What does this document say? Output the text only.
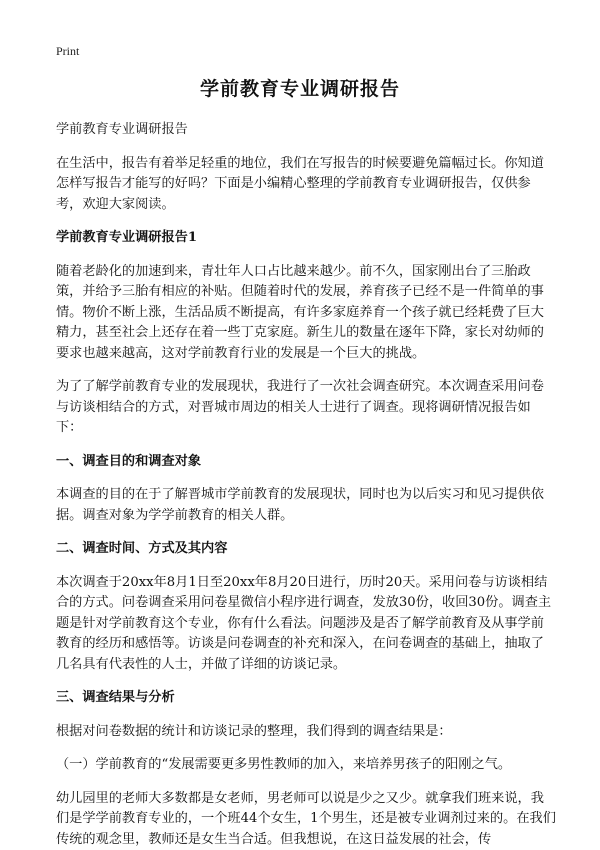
Print
学前教育专业调研报告

学前教育专业调研报告

在生活中，报告有着举足轻重的地位，我们在写报告的时候要避免篇幅过长。你知道怎样写报告才能写的好吗？下面是小编精心整理的学前教育专业调研报告，仅供参考，欢迎大家阅读。

学前教育专业调研报告1

随着老龄化的加速到来，青壮年人口占比越来越少。前不久，国家刚出台了三胎政策，并给予三胎有相应的补贴。但随着时代的发展，养育孩子已经不是一件简单的事情。物价不断上涨，生活品质不断提高，有许多家庭养育一个孩子就已经耗费了巨大精力，甚至社会上还存在着一些丁克家庭。新生儿的数量在逐年下降，家长对幼师的要求也越来越高，这对学前教育行业的发展是一个巨大的挑战。

为了了解学前教育专业的发展现状，我进行了一次社会调查研究。本次调查采用问卷与访谈相结合的方式，对晋城市周边的相关人士进行了调查。现将调研情况报告如下：

一、调查目的和调查对象

本调查的目的在于了解晋城市学前教育的发展现状，同时也为以后实习和见习提供依据。调查对象为学学前教育的相关人群。

二、调查时间、方式及其内容

本次调查于20xx年8月1日至20xx年8月20日进行，历时20天。采用问卷与访谈相结合的方式。问卷调查采用问卷星微信小程序进行调查，发放30份，收回30份。调查主题是针对学前教育这个专业，你有什么看法。问题涉及是否了解学前教育及从事学前教育的经历和感悟等。访谈是问卷调查的补充和深入，在问卷调查的基础上，抽取了几名具有代表性的人士，并做了详细的访谈记录。

三、调查结果与分析

根据对问卷数据的统计和访谈记录的整理，我们得到的调查结果是：

（一）学前教育的“发展需要更多男性教师的加入，来培养男孩子的阳刚之气。

幼儿园里的老师大多数都是女老师，男老师可以说是少之又少。就拿我们班来说，我们是学学前教育专业的，一个班44个女生，1个男生，还是被专业调剂过来的。在我们传统的观念里，教师还是女生当合适。但我想说，在这日益发展的社会，传
